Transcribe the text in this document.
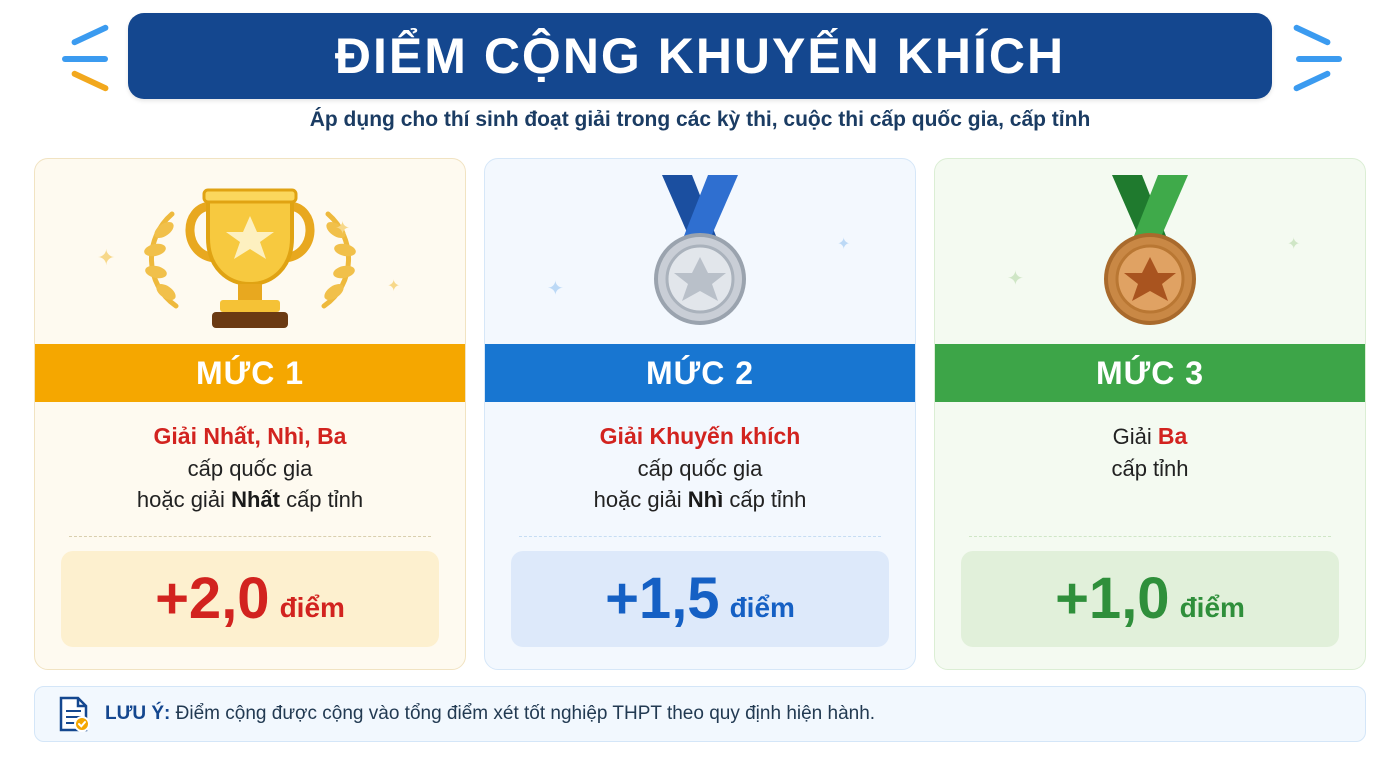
ĐIỂM CỘNG KHUYẾN KHÍCH
Áp dụng cho thí sinh đoạt giải trong các kỳ thi, cuộc thi cấp quốc gia, cấp tỉnh
✦
✦
✦
MỨC 1
Giải Nhất, Nhì, Ba
cấp quốc gia
hoặc giải Nhất cấp tỉnh
+2,0 điểm
✦
✦
MỨC 2
Giải Khuyến khích
cấp quốc gia
hoặc giải Nhì cấp tỉnh
+1,5 điểm
✦
✦
MỨC 3
Giải Ba
cấp tỉnh
+1,0 điểm
LƯU Ý: Điểm cộng được cộng vào tổng điểm xét tốt nghiệp THPT theo quy định hiện hành.
